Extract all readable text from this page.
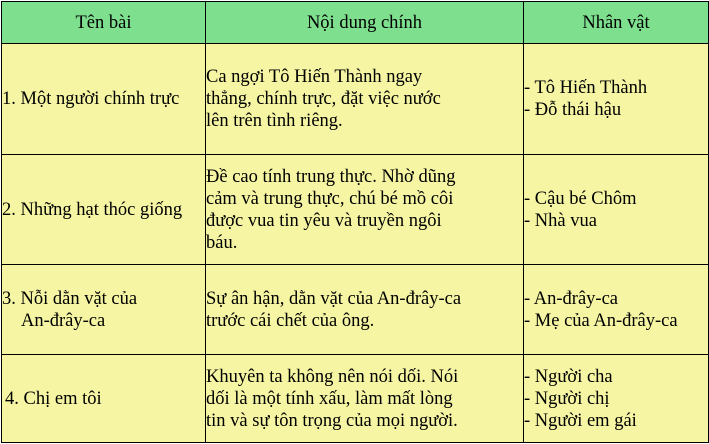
Tên bài	Nội dung chính	Nhân vật

1. Một người chính trực	Ca ngợi Tô Hiến Thành ngay
thẳng, chính trực, đặt việc nước
lên trên tình riêng.	- Tô Hiến Thành
- Đỗ thái hậu

2. Những hạt thóc giống	Đề cao tính trung thực. Nhờ dũng
cảm và trung thực, chú bé mồ côi
được vua tin yêu và truyền ngôi
báu.	- Cậu bé Chôm
- Nhà vua

3. Nỗi dằn vặt của
An-đrây-ca	Sự ân hận, dằn vặt của An-đrây-ca
trước cái chết của ông.	- An-đrây-ca
- Mẹ của An-đrây-ca

4. Chị em tôi	Khuyên ta không nên nói dối. Nói
dối là một tính xấu, làm mất lòng
tin và sự tôn trọng của mọi người.	- Người cha
- Người chị
- Người em gái
